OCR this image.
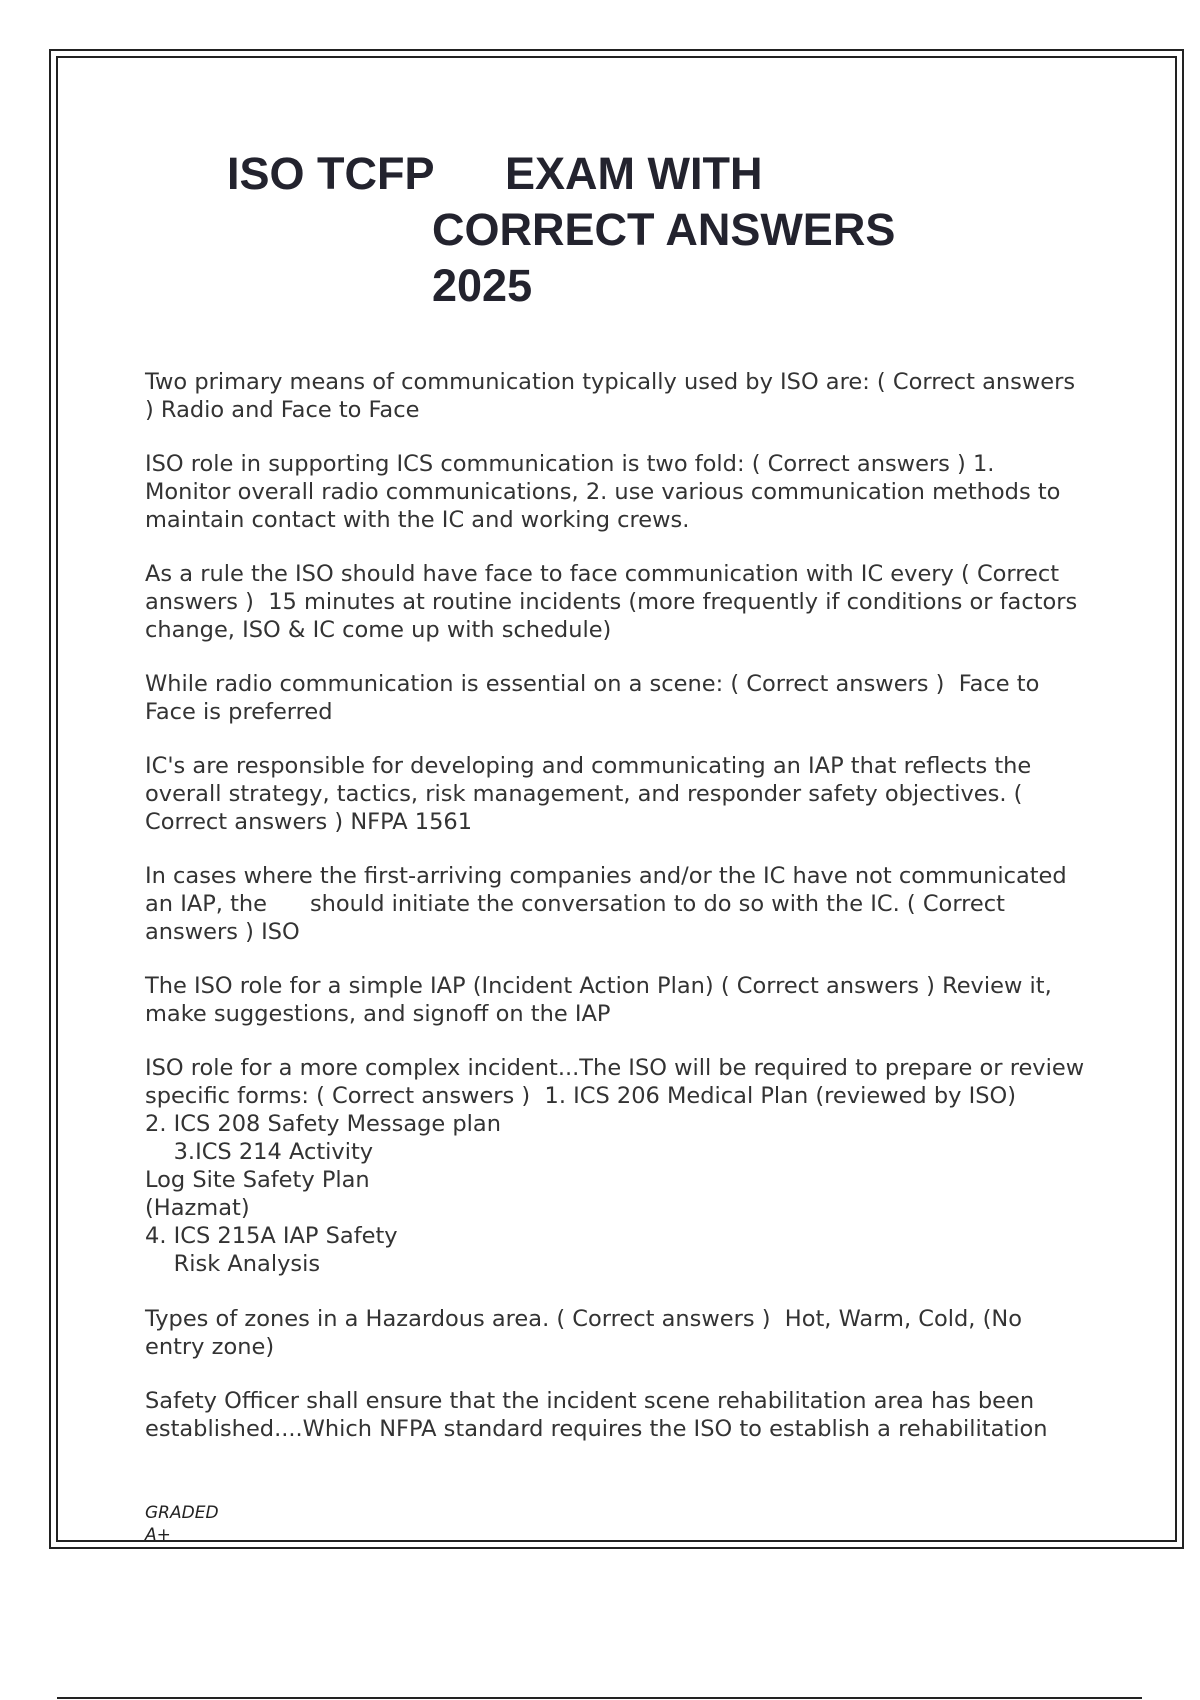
ISO TCFP EXAM WITH
CORRECT ANSWERS
2025

Two primary means of communication typically used by ISO are: ( Correct answers ) Radio and Face to Face

ISO role in supporting ICS communication is two fold: ( Correct answers ) 1. Monitor overall radio communications, 2. use various communication methods to maintain contact with the IC and working crews.

As a rule the ISO should have face to face communication with IC every ( Correct answers )  15 minutes at routine incidents (more frequently if conditions or factors change, ISO & IC come up with schedule)

While radio communication is essential on a scene: ( Correct answers )  Face to Face is preferred

IC's are responsible for developing and communicating an IAP that reflects the overall strategy, tactics, risk management, and responder safety objectives. ( Correct answers ) NFPA 1561

In cases where the first-arriving companies and/or the IC have not communicated an IAP, the      should initiate the conversation to do so with the IC. ( Correct answers ) ISO

The ISO role for a simple IAP (Incident Action Plan) ( Correct answers ) Review it, make suggestions, and signoff on the IAP

ISO role for a more complex incident...The ISO will be required to prepare or review specific forms: ( Correct answers )  1. ICS 206 Medical Plan (reviewed by ISO)

2. ICS 208 Safety Message plan

3.ICS 214 Activity

Log Site Safety Plan

(Hazmat)

4. ICS 215A IAP Safety

Risk Analysis

Types of zones in a Hazardous area. ( Correct answers )  Hot, Warm, Cold, (No entry zone)

Safety Officer shall ensure that the incident scene rehabilitation area has been established....Which NFPA standard requires the ISO to establish a rehabilitation

GRADED

A+
